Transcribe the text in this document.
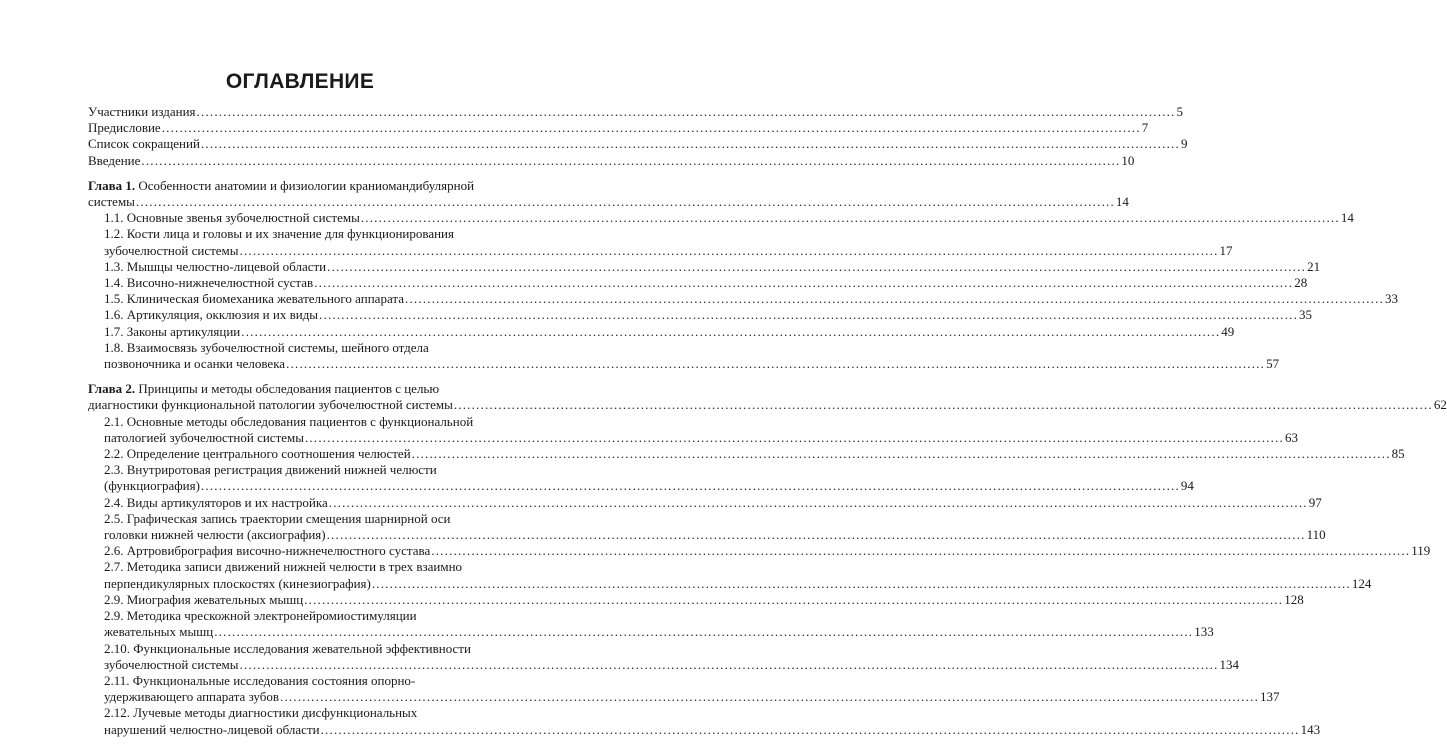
ОГЛАВЛЕНИЕ
Участники издания ............................................................................................................................................................................................................................ 5
Предисловие ............................................................................................................................................................................................................................ 7
Список сокращений ............................................................................................................................................................................................................................ 9
Введение ............................................................................................................................................................................................................................ 10
Глава 1. Особенности анатомии и физиологии краниомандибулярной
системы ............................................................................................................................................................................................................................ 14
1.1. Основные звенья зубочелюстной системы ............................................................................................................................................................................................................................ 14
1.2. Кости лица и головы и их значение для функционирования
зубочелюстной системы ............................................................................................................................................................................................................................ 17
1.3. Мышцы челюстно-лицевой области ............................................................................................................................................................................................................................ 21
1.4. Височно-нижнечелюстной сустав ............................................................................................................................................................................................................................ 28
1.5. Клиническая биомеханика жевательного аппарата ............................................................................................................................................................................................................................ 33
1.6. Артикуляция, окклюзия и их виды ............................................................................................................................................................................................................................ 35
1.7. Законы артикуляции ............................................................................................................................................................................................................................ 49
1.8. Взаимосвязь зубочелюстной системы, шейного отдела
позвоночника и осанки человека ............................................................................................................................................................................................................................ 57
Глава 2. Принципы и методы обследования пациентов с целью
диагностики функциональной патологии зубочелюстной системы ............................................................................................................................................................................................................................ 62
2.1. Основные методы обследования пациентов с функциональной
патологией зубочелюстной системы ............................................................................................................................................................................................................................ 63
2.2. Определение центрального соотношения челюстей ............................................................................................................................................................................................................................ 85
2.3. Внутриротовая регистрация движений нижней челюсти
(функциография) ............................................................................................................................................................................................................................ 94
2.4. Виды артикуляторов и их настройка ............................................................................................................................................................................................................................ 97
2.5. Графическая запись траектории смещения шарнирной оси
головки нижней челюсти (аксиография) ............................................................................................................................................................................................................................ 110
2.6. Артровибрография височно-нижнечелюстного сустава ............................................................................................................................................................................................................................ 119
2.7. Методика записи движений нижней челюсти в трех взаимно
перпендикулярных плоскостях (кинезиография) ............................................................................................................................................................................................................................ 124
2.9. Миография жевательных мышц ............................................................................................................................................................................................................................ 128
2.9. Методика чрескожной электронейромиостимуляции
жевательных мышц ............................................................................................................................................................................................................................ 133
2.10. Функциональные исследования жевательной эффективности
зубочелюстной системы ............................................................................................................................................................................................................................ 134
2.11. Функциональные исследования состояния опорно-
удерживающего аппарата зубов ............................................................................................................................................................................................................................ 137
2.12. Лучевые методы диагностики дисфункциональных
нарушений челюстно-лицевой области ............................................................................................................................................................................................................................ 143
